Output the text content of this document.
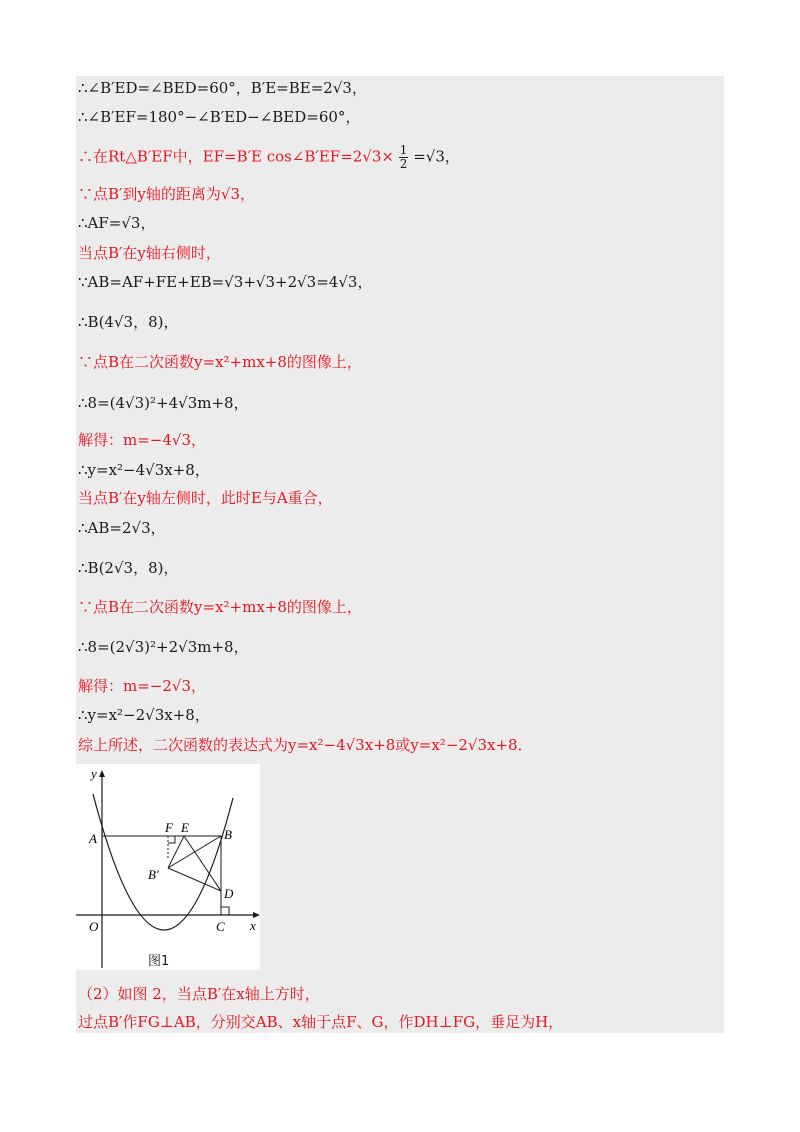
∴∠B′ED=∠BED=60°，B′E=BE=2√3，
∴∠B′EF=180°−∠B′ED−∠BED=60°，
∴在Rt△B′EF中，EF=B′E cos∠B′EF=2√3× $\frac{1}{2} =√3$，
∵点B′到y轴的距离为√3，
∴AF=√3，
当点B′在y轴右侧时，
∵AB=AF+FE+EB=√3+√3+2√3=4√3，
∴B(4√3，8)，
∵点B在二次函数y=x²+mx+8的图像上，
∴8=(4√3)²+4√3m+8，
解得：m=−4√3，
∴y=x²−4√3x+8，
当点B′在y轴左侧时，此时E与A重合，
∴AB=2√3，
∴B(2√3，8)，
∵点B在二次函数y=x²+mx+8的图像上，
∴8=(2√3)²+2√3m+8，
解得：m=−2√3，
∴y=x²−2√3x+8，
综上所述，二次函数的表达式为y=x²−4√3x+8或y=x²−2√3x+8．
（2）如图 2，当点B′在x轴上方时，
过点B′作FG⊥AB，分别交AB、x轴于点F、G，作DH⊥FG，垂足为H，
y
x
O
A	B
C
D
E
F
B′
图1
